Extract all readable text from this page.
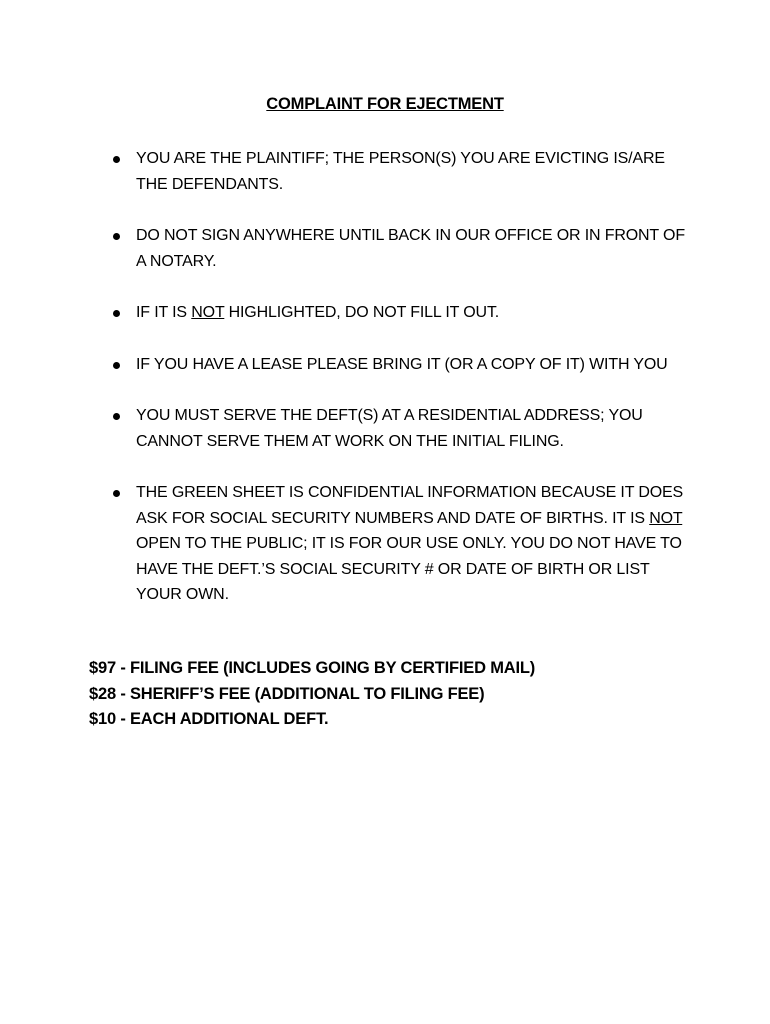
COMPLAINT FOR EJECTMENT
YOU ARE THE PLAINTIFF; THE PERSON(S) YOU ARE EVICTING IS/ARE THE DEFENDANTS.
DO NOT SIGN ANYWHERE UNTIL BACK IN OUR OFFICE OR IN FRONT OF A NOTARY.
IF IT IS NOT HIGHLIGHTED, DO NOT FILL IT OUT.
IF YOU HAVE A LEASE PLEASE BRING IT (OR A COPY OF IT) WITH YOU
YOU MUST SERVE THE DEFT(S) AT A RESIDENTIAL ADDRESS; YOU CANNOT SERVE THEM AT WORK ON THE INITIAL FILING.
THE GREEN SHEET IS CONFIDENTIAL INFORMATION BECAUSE IT DOES ASK FOR SOCIAL SECURITY NUMBERS AND DATE OF BIRTHS. IT IS NOT OPEN TO THE PUBLIC; IT IS FOR OUR USE ONLY. YOU DO NOT HAVE TO HAVE THE DEFT.’S SOCIAL SECURITY # OR DATE OF BIRTH OR LIST YOUR OWN.
$97 - FILING FEE (INCLUDES GOING BY CERTIFIED MAIL)
$28 - SHERIFF’S FEE (ADDITIONAL TO FILING FEE)
$10 - EACH ADDITIONAL DEFT.
